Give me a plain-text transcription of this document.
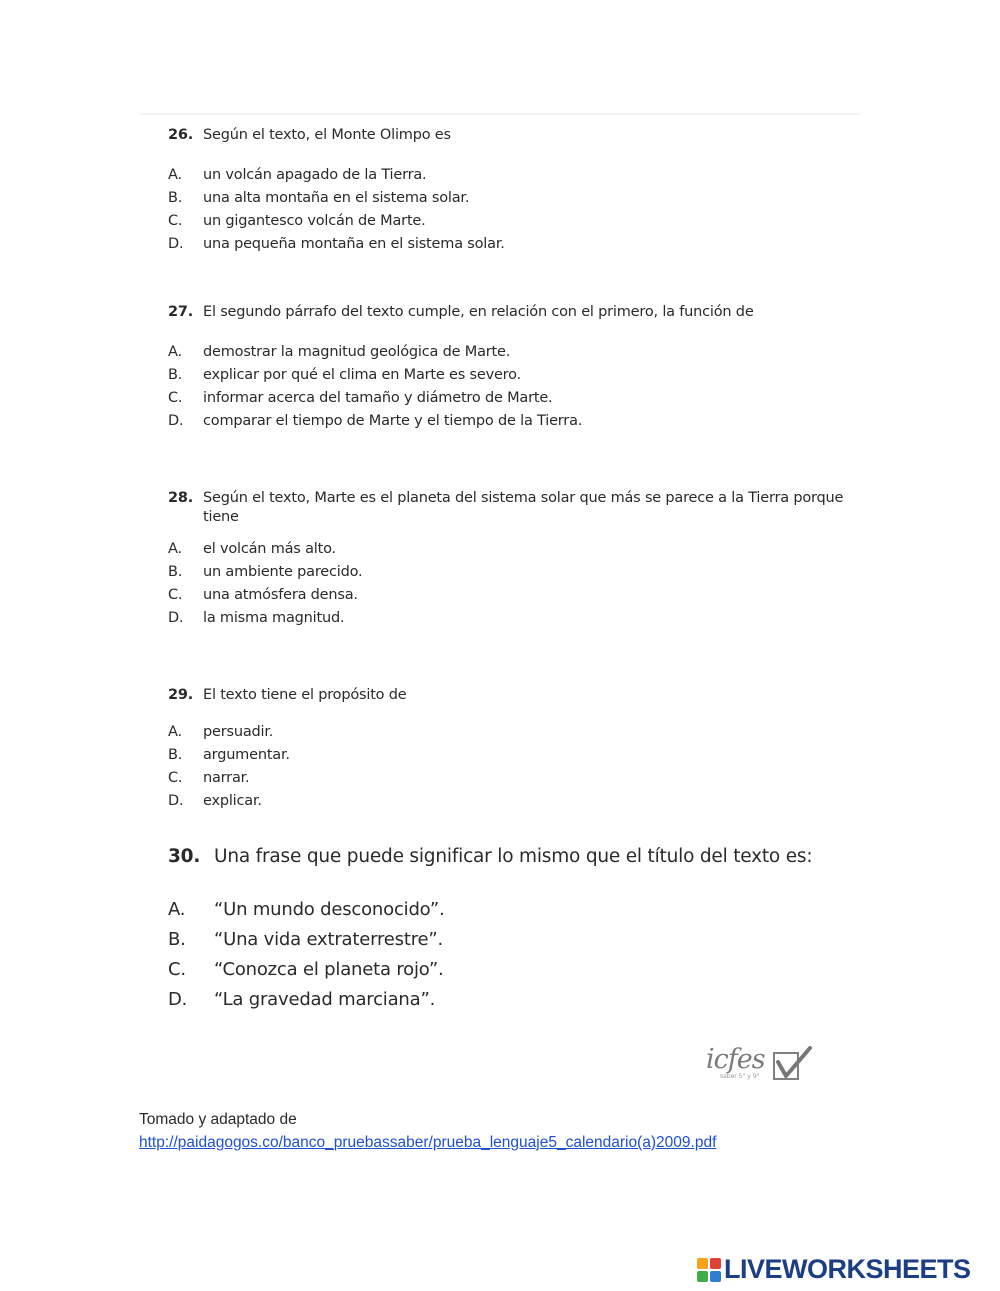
26. Según el texto, el Monte Olimpo es
A.	un volcán apagado de la Tierra.
B.	una alta montaña en el sistema solar.
C.	un gigantesco volcán de Marte.
D.	una pequeña montaña en el sistema solar.
27. El segundo párrafo del texto cumple, en relación con el primero, la función de
A.	demostrar la magnitud geológica de Marte.
B.	explicar por qué el clima en Marte es severo.
C.	informar acerca del tamaño y diámetro de Marte.
D.	comparar el tiempo de Marte y el tiempo de la Tierra.
28. Según el texto, Marte es el planeta del sistema solar que más se parece a la Tierra porque tiene
A.	el volcán más alto.
B.	un ambiente parecido.
C.	una atmósfera densa.
D.	la misma magnitud.
29. El texto tiene el propósito de
A.	persuadir.
B.	argumentar.
C.	narrar.
D.	explicar.
30. Una frase que puede significar lo mismo que el título del texto es:
A.	“Un mundo desconocido”.
B.	“Una vida extraterrestre”.
C.	“Conozca el planeta rojo”.
D.	“La gravedad marciana”.
icfes
saber 5° y 9°
Tomado y adaptado de
http://paidagogos.co/banco_pruebassaber/prueba_lenguaje5_calendario(a)2009.pdf
LIVEWORKSHEETS
